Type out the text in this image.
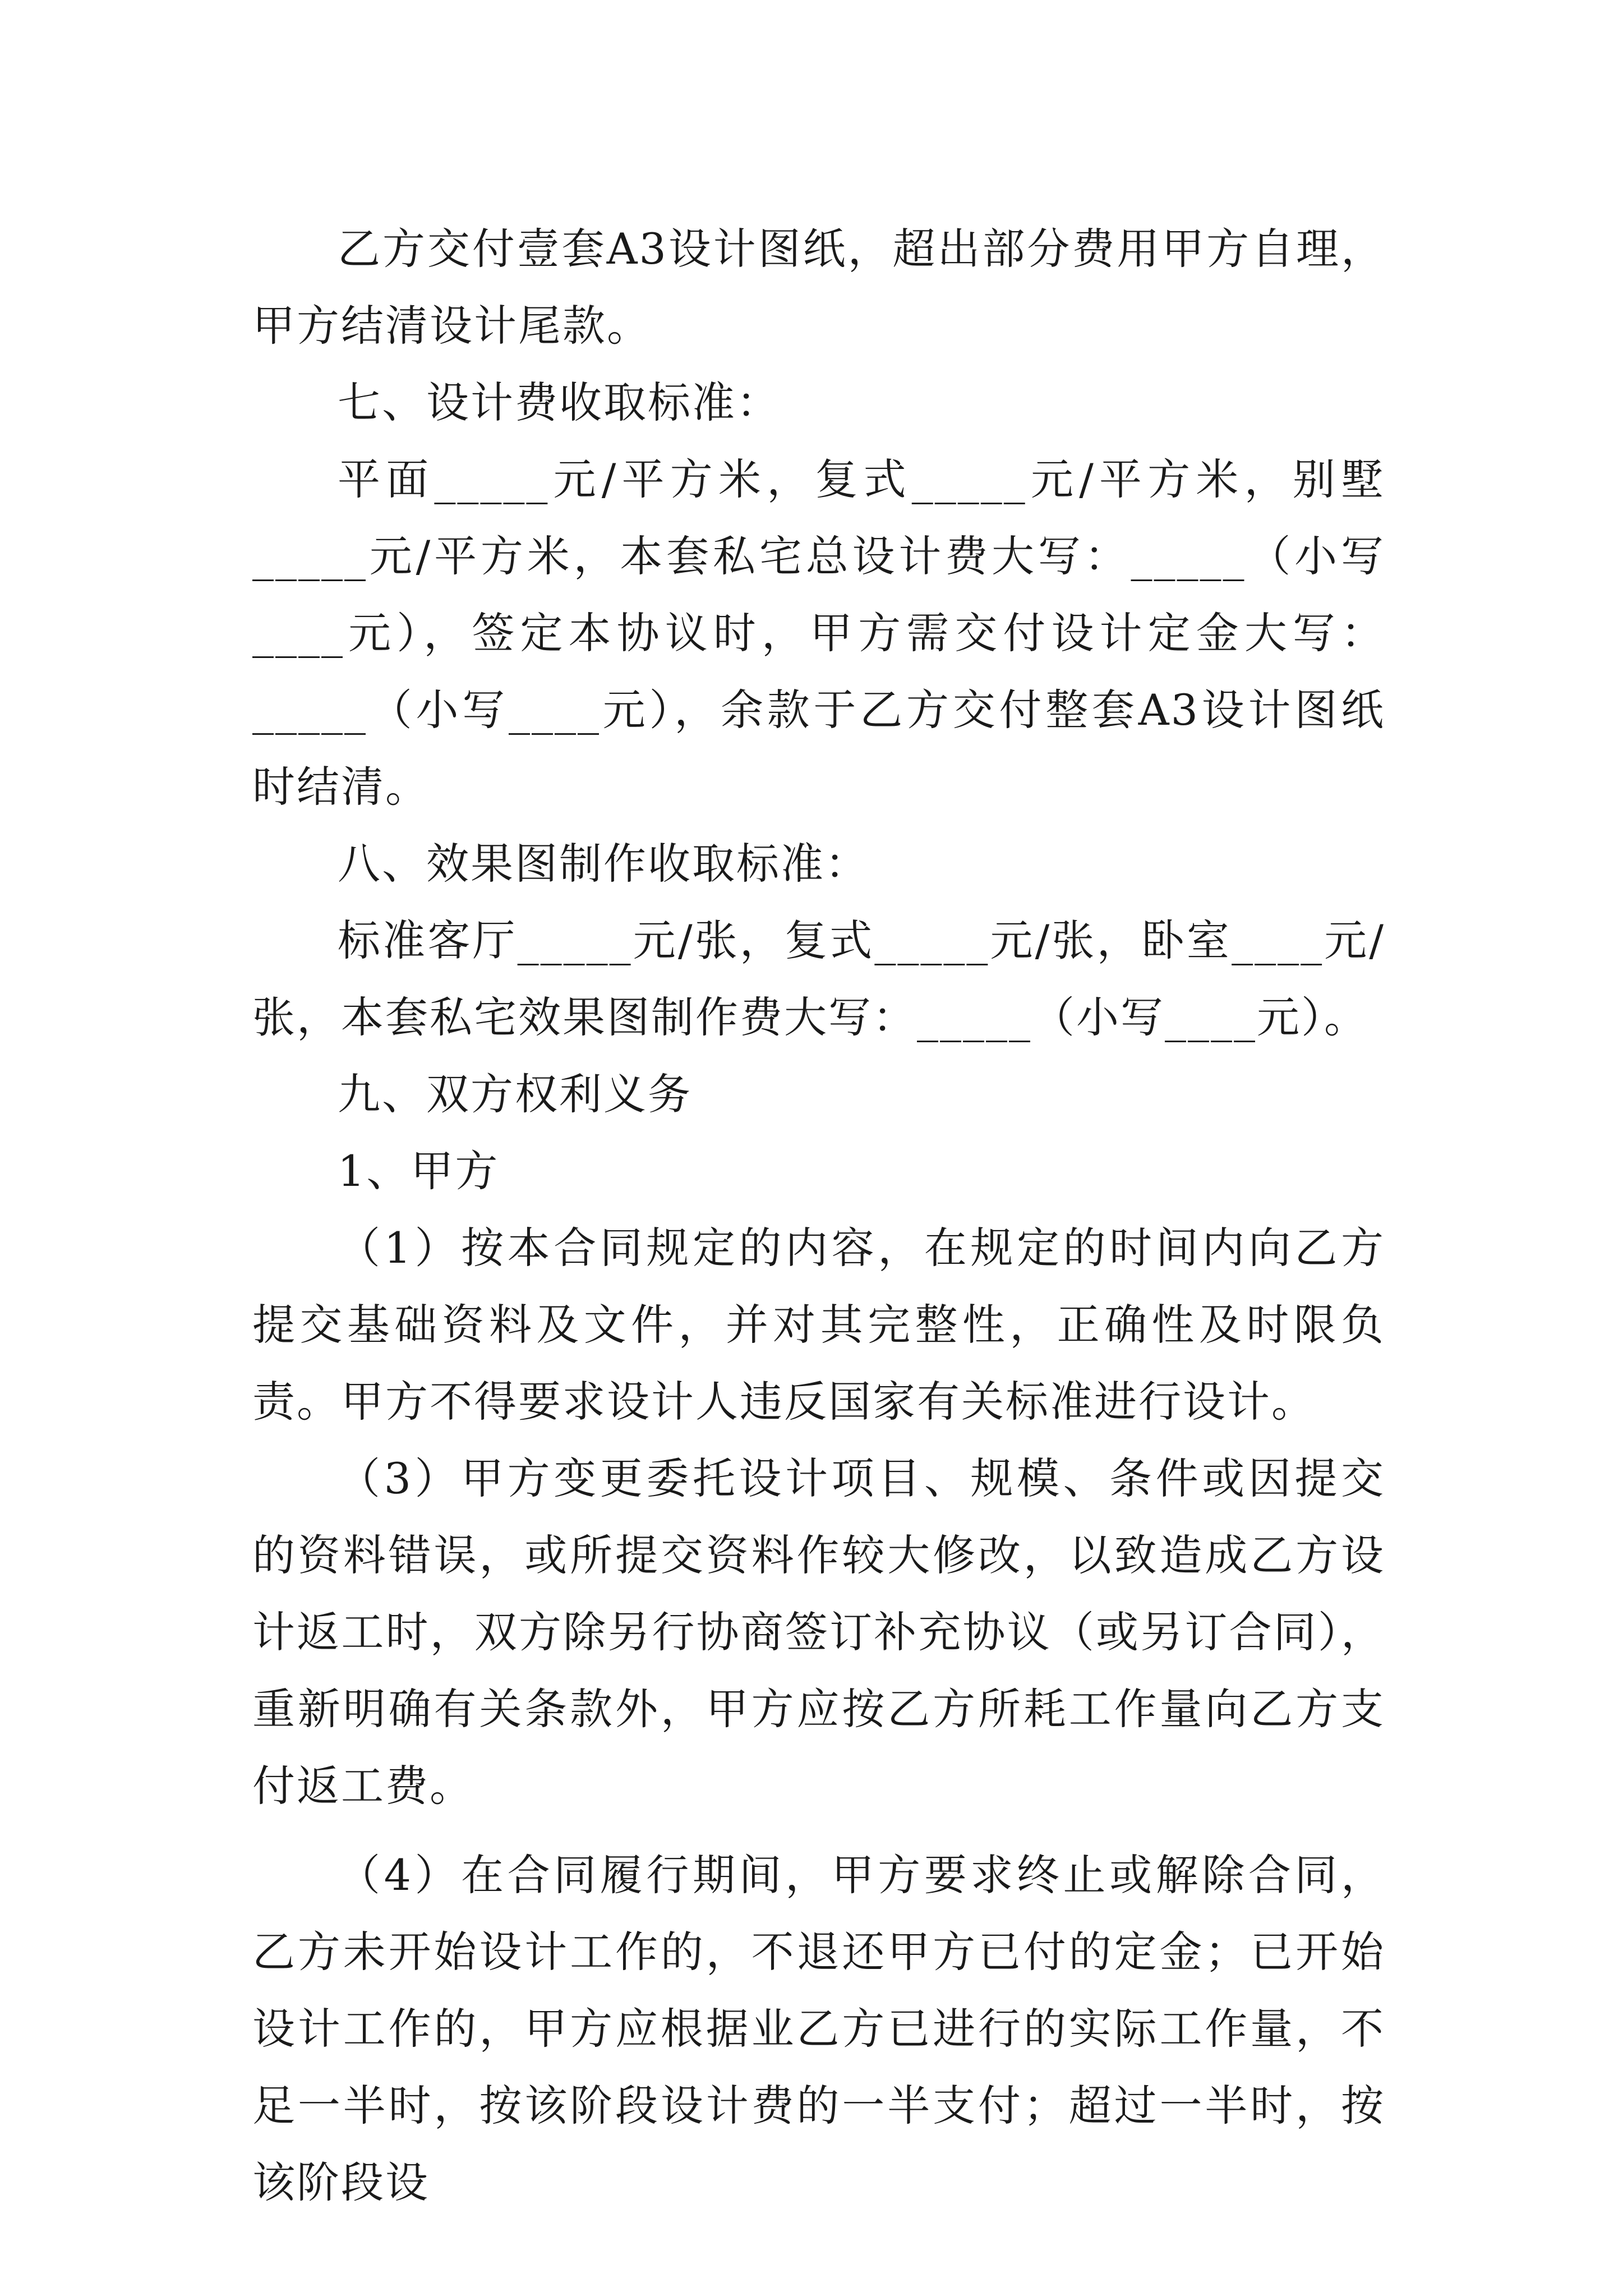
乙方交付壹套A3设计图纸，超出部分费用甲方自理，甲方结清设计尾款。

七、设计费收取标准：

平面_____元/平方米，复式_____元/平方米，别墅_____元/平方米，本套私宅总设计费大写：_____（小写____元），签定本协议时，甲方需交付设计定金大写：_____（小写____元），余款于乙方交付整套A3设计图纸时结清。

八、效果图制作收取标准：

标准客厅_____元/张，复式_____元/张，卧室____元/张，本套私宅效果图制作费大写：_____（小写____元）。

九、双方权利义务

1、甲方

（1）按本合同规定的内容，在规定的时间内向乙方提交基础资料及文件，并对其完整性，正确性及时限负责。甲方不得要求设计人违反国家有关标准进行设计。

（3）甲方变更委托设计项目、规模、条件或因提交的资料错误，或所提交资料作较大修改，以致造成乙方设计返工时，双方除另行协商签订补充协议（或另订合同），重新明确有关条款外，甲方应按乙方所耗工作量向乙方支付返工费。

（4）在合同履行期间，甲方要求终止或解除合同，乙方未开始设计工作的，不退还甲方已付的定金；已开始设计工作的，甲方应根据业乙方已进行的实际工作量，不足一半时，按该阶段设计费的一半支付；超过一半时，按该阶段设
